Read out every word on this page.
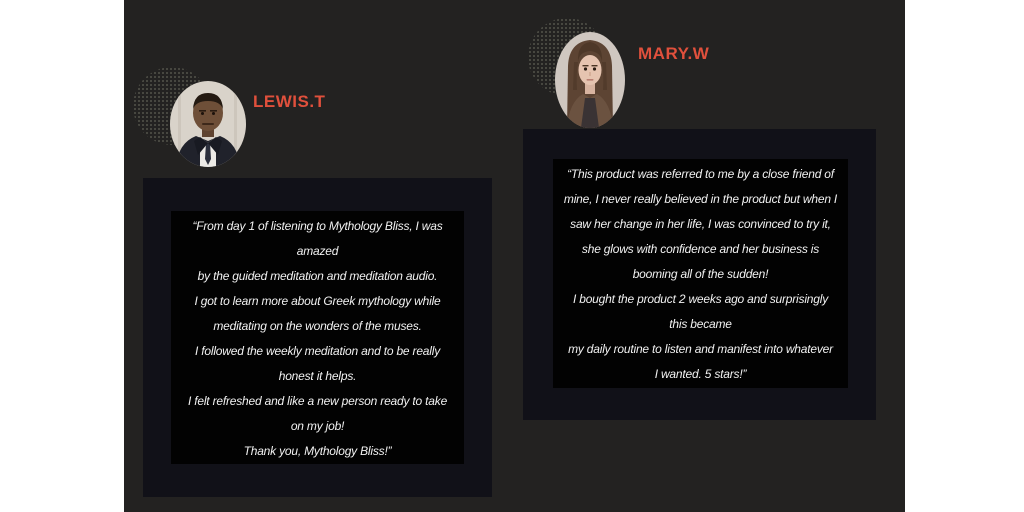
LEWIS.T
“From day 1 of listening to Mythology Bliss, I was
amazed
by the guided meditation and meditation audio.
I got to learn more about Greek mythology while
meditating on the wonders of the muses.
I followed the weekly meditation and to be really
honest it helps.
I felt refreshed and like a new person ready to take
on my job!
Thank you, Mythology Bliss!”
MARY.W
“This product was referred to me by a close friend of
mine, I never really believed in the product but when I
saw her change in her life, I was convinced to try it,
she glows with confidence and her business is
booming all of the sudden!
I bought the product 2 weeks ago and surprisingly
this became
my daily routine to listen and manifest into whatever
I wanted. 5 stars!”
